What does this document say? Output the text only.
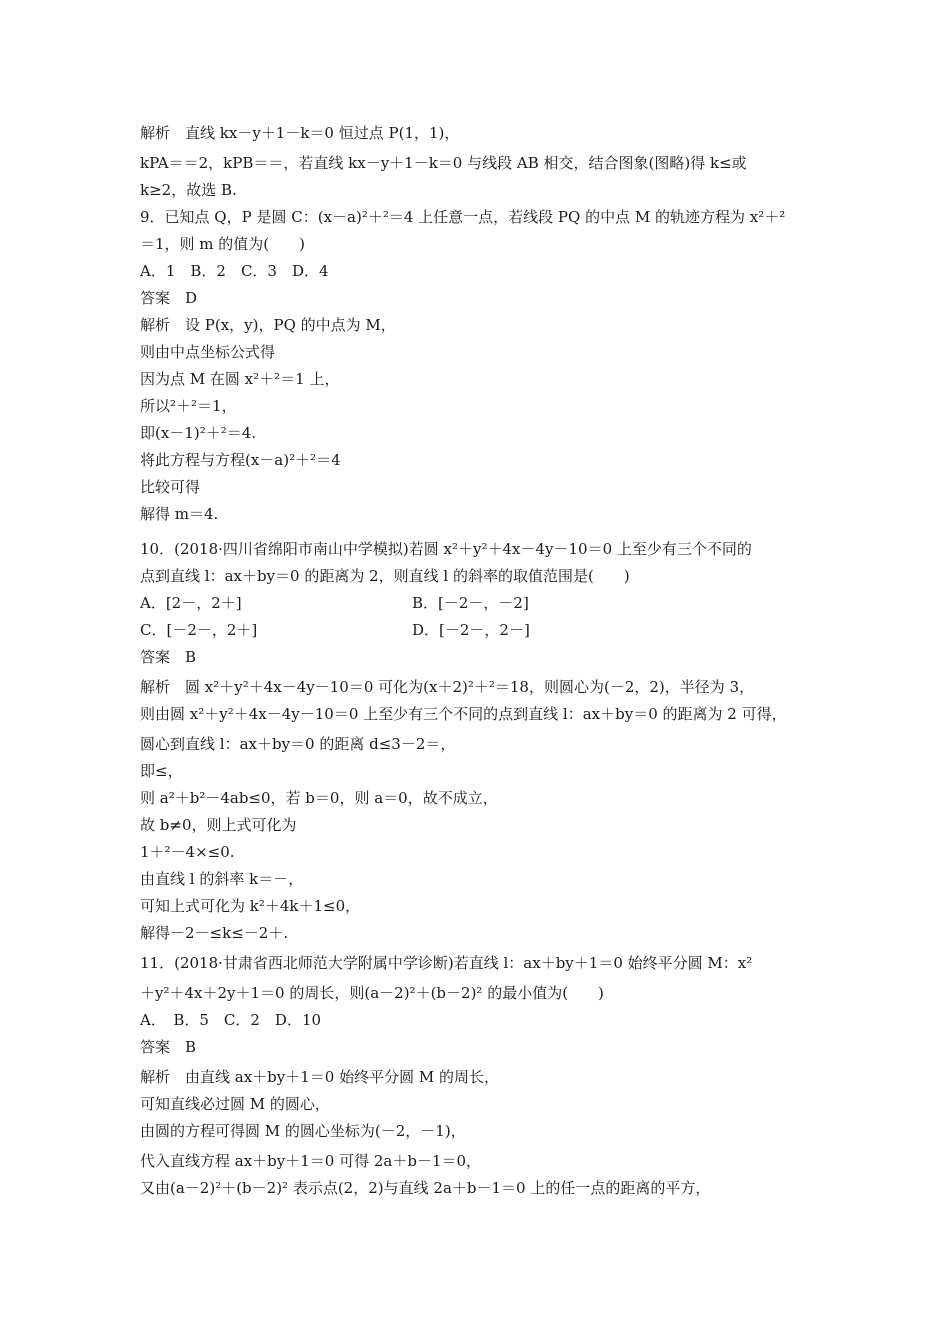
解析　直线 kx－y＋1－k＝0 恒过点 P(1，1)，
kPA＝＝2，kPB＝＝，若直线 kx－y＋1－k＝0 与线段 AB 相交，结合图象(图略)得 k≤或
k≥2，故选 B.
9．已知点 Q，P 是圆 C：(x－a)²＋²＝4 上任意一点，若线段 PQ 的中点 M 的轨迹方程为 x²＋²
＝1，则 m 的值为(　　)
A．1　B．2　C．3　D．4
答案　D
解析　设 P(x，y)，PQ 的中点为 M，
则由中点坐标公式得
因为点 M 在圆 x²＋²＝1 上，
所以²＋²＝1，
即(x－1)²＋²＝4.
将此方程与方程(x－a)²＋²＝4
比较可得
解得 m＝4.
10．(2018·四川省绵阳市南山中学模拟)若圆 x²＋y²＋4x－4y－10＝0 上至少有三个不同的
点到直线 l：ax＋by＝0 的距离为 2，则直线 l 的斜率的取值范围是(　　)
A．[2－，2＋]	B．[－2－，－2]
C．[－2－，2＋]	D．[－2－，2－]
答案　B
解析　圆 x²＋y²＋4x－4y－10＝0 可化为(x＋2)²＋²＝18，则圆心为(－2，2)，半径为 3，
则由圆 x²＋y²＋4x－4y－10＝0 上至少有三个不同的点到直线 l：ax＋by＝0 的距离为 2 可得，
圆心到直线 l：ax＋by＝0 的距离 d≤3－2＝，
即≤，
则 a²＋b²－4ab≤0，若 b＝0，则 a＝0，故不成立，
故 b≠0，则上式可化为
1＋²－4×≤0.
由直线 l 的斜率 k＝－，
可知上式可化为 k²＋4k＋1≤0，
解得－2－≤k≤－2＋.
11．(2018·甘肃省西北师范大学附属中学诊断)若直线 l：ax＋by＋1＝0 始终平分圆 M：x²
＋y²＋4x＋2y＋1＝0 的周长，则(a－2)²＋(b－2)² 的最小值为(　　)
A．　B．5　C．2　D．10
答案　B
解析　由直线 ax＋by＋1＝0 始终平分圆 M 的周长，
可知直线必过圆 M 的圆心，
由圆的方程可得圆 M 的圆心坐标为(－2，－1)，
代入直线方程 ax＋by＋1＝0 可得 2a＋b－1＝0，
又由(a－2)²＋(b－2)² 表示点(2，2)与直线 2a＋b－1＝0 上的任一点的距离的平方，
